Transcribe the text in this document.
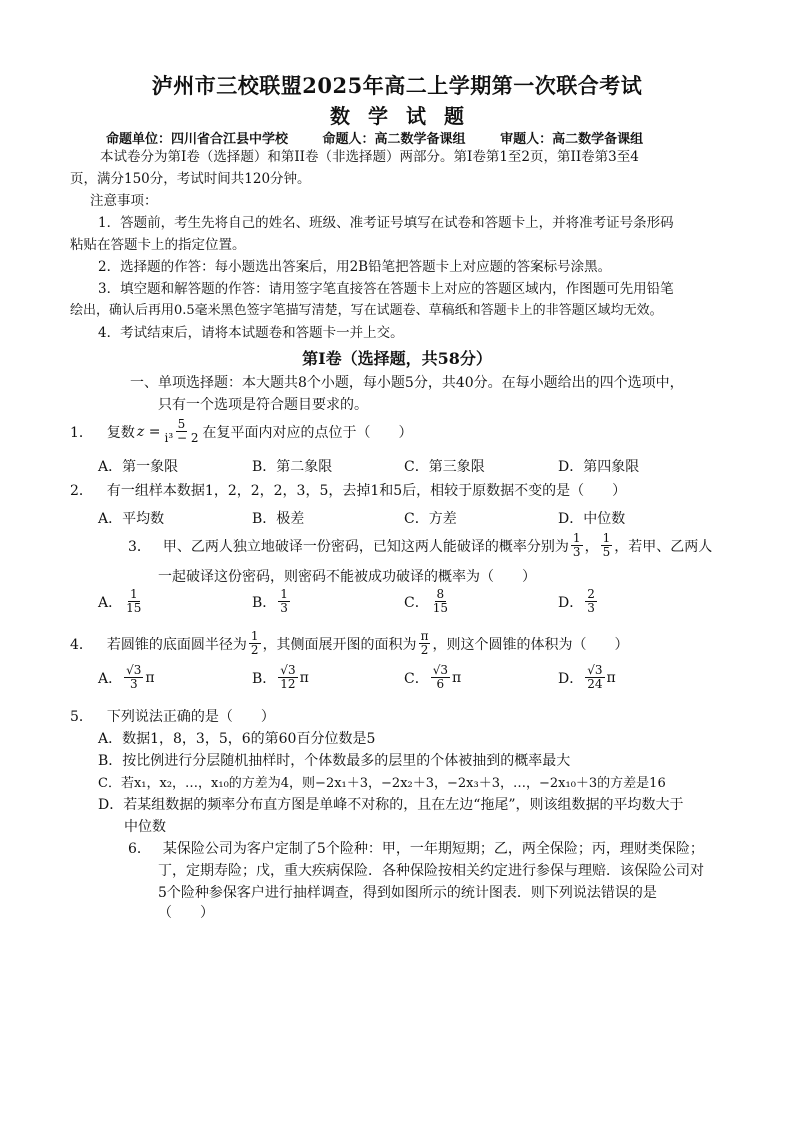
泸州市三校联盟2025年高二上学期第一次联合考试
数学试题
命题单位：四川省合江县中学校	命题人：高二数学备课组	审题人：高二数学备课组
本试卷分为第I卷（选择题）和第II卷（非选择题）两部分。第I卷第1至2页，第II卷第3至4
页，满分150分，考试时间共120分钟。
注意事项：
1．答题前，考生先将自己的姓名、班级、准考证号填写在试卷和答题卡上，并将准考证号条形码
粘贴在答题卡上的指定位置。
2．选择题的作答：每小题选出答案后，用2B铅笔把答题卡上对应题的答案标号涂黑。
3．填空题和解答题的作答：请用签字笔直接答在答题卡上对应的答题区域内，作图题可先用铅笔
绘出，确认后再用0.5毫米黑色签字笔描写清楚，写在试题卷、草稿纸和答题卡上的非答题区域均无效。
4．考试结束后，请将本试题卷和答题卡一并上交。
第I卷（选择题，共58分）
一、单项选择题：本大题共8个小题，每小题5分，共40分。在每小题给出的四个选项中，
只有一个选项是符合题目要求的。
1． 复数 $z = \frac{5}{\text{i³ − 2}}$ 在复平面内对应的点位于（　　）
A．第一象限	B．第二象限	C．第三象限	D．第四象限
2． 有一组样本数据1，2，2，2，3，5，去掉1和5后，相较于原数据不变的是（　　）
A．平均数	B．极差	C．方差	D．中位数
3． 甲、乙两人独立地破译一份密码，已知这两人能破译的概率分别为 $\frac{1}{3}$ ， $\frac{1}{5}$ ，若甲、乙两人
一起破译这份密码，则密码不能被成功破译的概率为（　　）
A． $\frac{1}{15}$	B． $\frac{1}{3}$	C． $\frac{8}{15}$	D． $\frac{2}{3}$
4． 若圆锥的底面圆半径为 $\frac{1}{2}$ ，其侧面展开图的面积为 $\frac{\pi}{2}$ ，则这个圆锥的体积为（　　）
A． $\frac{√3}{3}$ π	B． $\frac{√3}{12}$ π	C． $\frac{√3}{6}$ π	D． $\frac{√3}{24}$ π
5． 下列说法正确的是（　　）
A．数据1，8，3，5，6的第60百分位数是5
B．按比例进行分层随机抽样时，个体数最多的层里的个体被抽到的概率最大
C．若x₁，x₂，…，x₁₀的方差为4，则−2x₁＋3，−2x₂＋3，−2x₃＋3，…，−2x₁₀＋3的方差是16
D．若某组数据的频率分布直方图是单峰不对称的，且在左边“拖尾”，则该组数据的平均数大于
中位数
6． 某保险公司为客户定制了5个险种：甲，一年期短期；乙，两全保险；丙，理财类保险；
丁，定期寿险；戊，重大疾病保险．各种保险按相关约定进行参保与理赔．该保险公司对
5个险种参保客户进行抽样调查，得到如图所示的统计图表．则下列说法错误的是
（　　）
